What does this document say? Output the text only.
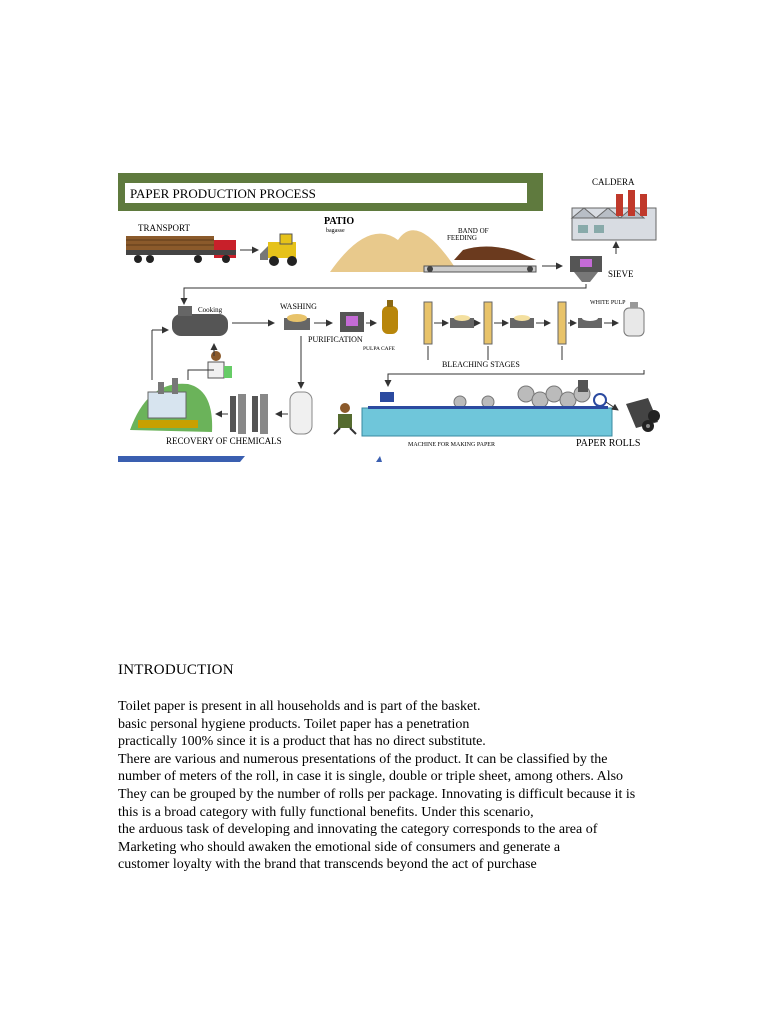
PAPER PRODUCTION PROCESS
CALDERA
TRANSPORT
PATIO
bagasse	BAND OF
FEEDING
SIEVE
Cooking	WASHING
PURIFICATION
PULPA CAFE
BLEACHING STAGES
WHITE PULP
RECOVERY OF CHEMICALS	MACHINE FOR MAKING PAPER	PAPER ROLLS
INTRODUCTION
Toilet paper is present in all households and is part of the basket.
basic personal hygiene products. Toilet paper has a penetration
practically 100% since it is a product that has no direct substitute.
There are various and numerous presentations of the product. It can be classified by the
number of meters of the roll, in case it is single, double or triple sheet, among others. Also
They can be grouped by the number of rolls per package. Innovating is difficult because it is
this is a broad category with fully functional benefits. Under this scenario,
the arduous task of developing and innovating the category corresponds to the area of
Marketing who should awaken the emotional side of consumers and generate a
customer loyalty with the brand that transcends beyond the act of purchase
